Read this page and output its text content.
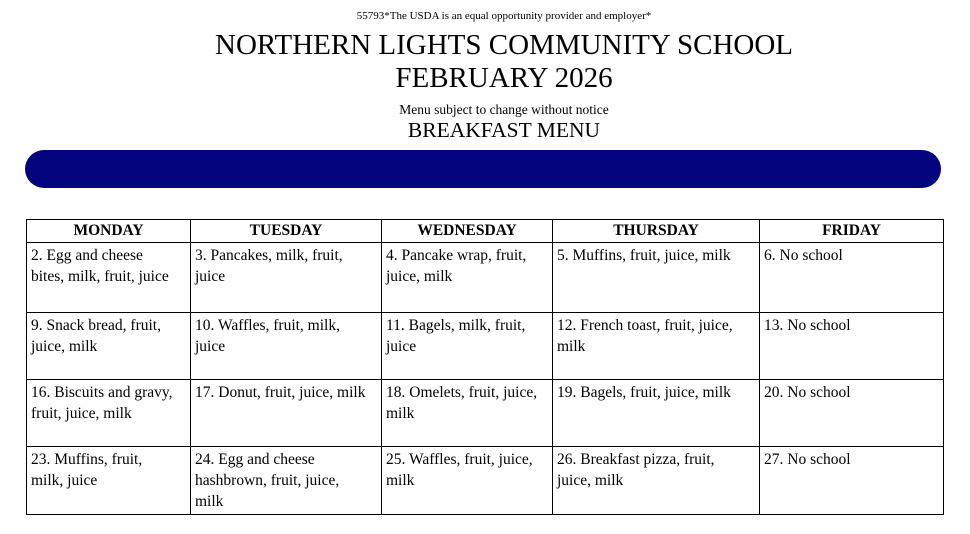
55793*The USDA is an equal opportunity provider and employer*
NORTHERN LIGHTS COMMUNITY SCHOOL
FEBRUARY 2026
Menu subject to change without notice
BREAKFAST MENU
MONDAY	TUESDAY	WEDNESDAY	THURSDAY	FRIDAY
2. Egg and cheese bites, milk, fruit, juice	3. Pancakes, milk, fruit, juice	4. Pancake wrap, fruit, juice, milk	5. Muffins, fruit, juice, milk	6. No school
9. Snack bread, fruit, juice, milk	10. Waffles, fruit, milk, juice	11. Bagels, milk, fruit, juice	12. French toast, fruit, juice, milk	13. No school
16. Biscuits and gravy, fruit, juice, milk	17. Donut, fruit, juice, milk	18. Omelets, fruit, juice, milk	19. Bagels, fruit, juice, milk	20. No school
23. Muffins, fruit, milk, juice	24. Egg and cheese hashbrown, fruit, juice, milk	25. Waffles, fruit, juice, milk	26. Breakfast pizza, fruit, juice, milk	27. No school
